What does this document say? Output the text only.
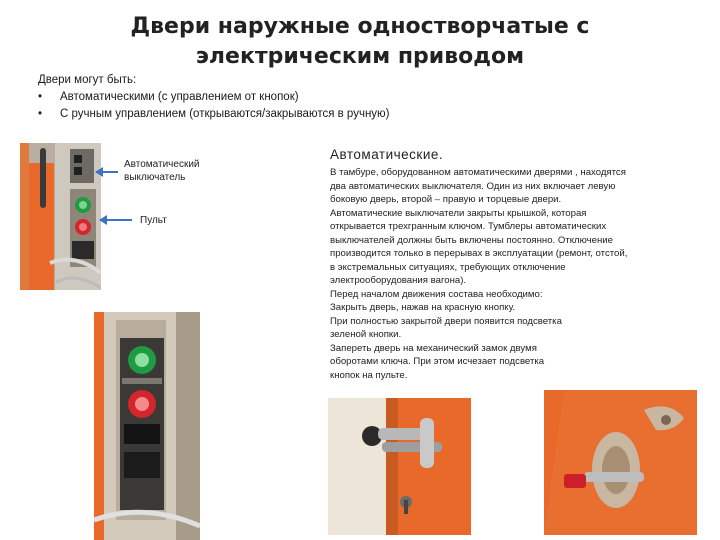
Двери наружные одностворчатые с
электрическим приводом
Двери могут быть:
• Автоматическими (с управлением от кнопок)
• С ручным управлением (открываются/закрываются в ручную)
Автоматический
выключатель
Пульт
Автоматические.

В тамбуре, оборудованном автоматическими дверями , находятся

два автоматических выключателя. Один из них включает левую

боковую дверь, второй – правую и торцевые двери.

Автоматические выключатели закрыты крышкой, которая

открывается трехгранным ключом. Тумблеры автоматических

выключателей должны быть включены постоянно. Отключение

производится только в перерывах в эксплуатации (ремонт, отстой,

в экстремальных ситуациях, требующих отключение

электрооборудования вагона).

Перед началом движения состава необходимо:

Закрыть дверь, нажав на красную кнопку.

При полностью закрытой двери появится подсветка

зеленой кнопки.

Запереть дверь на механический замок двумя

оборотами ключа. При этом исчезает подсветка

кнопок на пульте.
